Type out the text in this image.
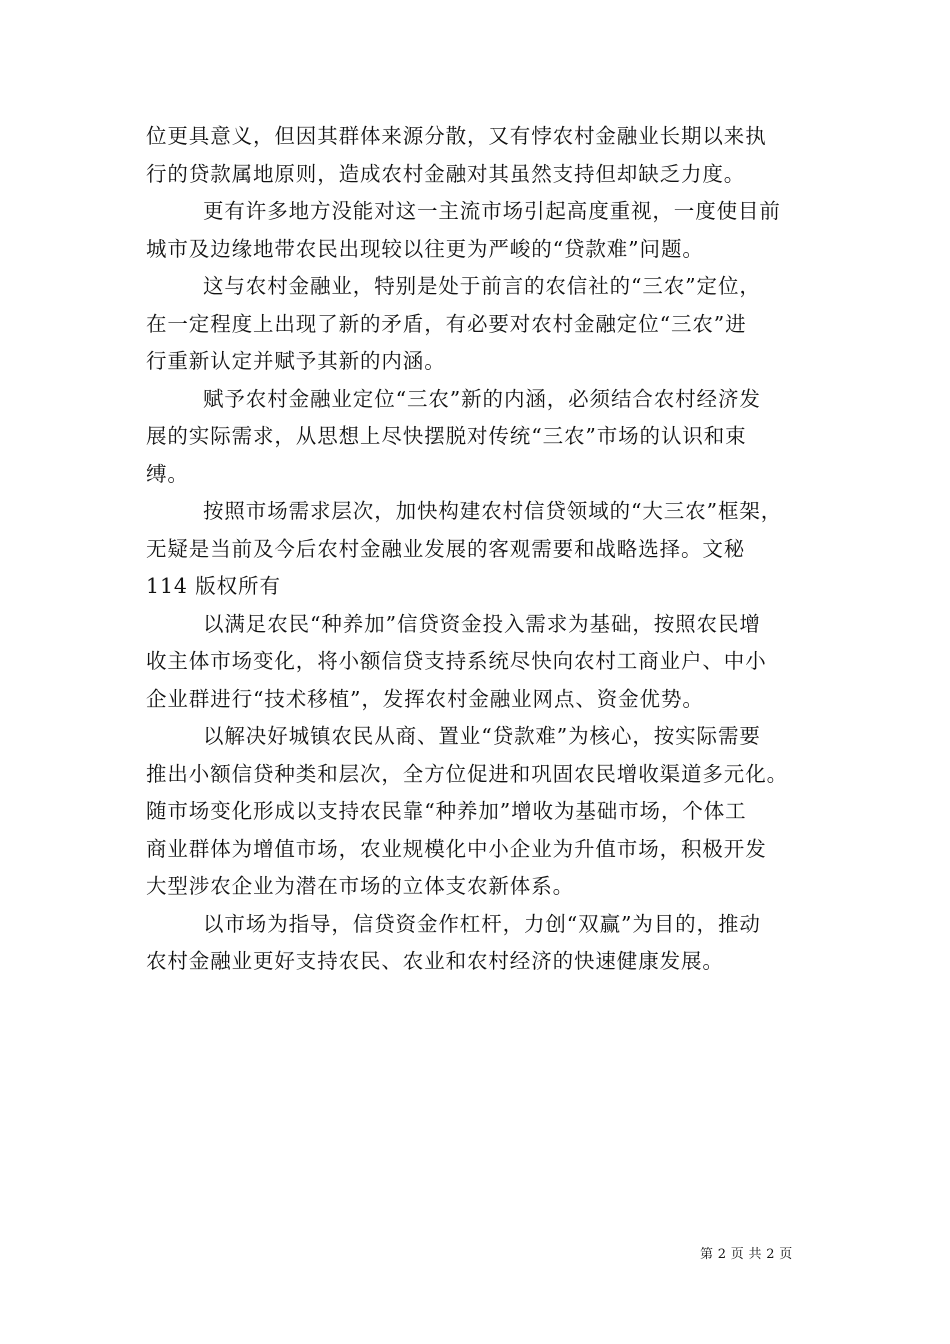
位更具意义，但因其群体来源分散，又有悖农村金融业长期以来执
行的贷款属地原则，造成农村金融对其虽然支持但却缺乏力度。
更有许多地方没能对这一主流市场引起高度重视，一度使目前
城市及边缘地带农民出现较以往更为严峻的“贷款难”问题。
这与农村金融业，特别是处于前言的农信社的“三农”定位，
在一定程度上出现了新的矛盾，有必要对农村金融定位“三农”进
行重新认定并赋予其新的内涵。
赋予农村金融业定位“三农”新的内涵，必须结合农村经济发
展的实际需求，从思想上尽快摆脱对传统“三农”市场的认识和束
缚。
按照市场需求层次，加快构建农村信贷领域的“大三农”框架，
无疑是当前及今后农村金融业发展的客观需要和战略选择。文秘
114 版权所有
以满足农民“种养加”信贷资金投入需求为基础，按照农民增
收主体市场变化，将小额信贷支持系统尽快向农村工商业户、中小
企业群进行“技术移植”，发挥农村金融业网点、资金优势。
以解决好城镇农民从商、置业“贷款难”为核心，按实际需要
推出小额信贷种类和层次，全方位促进和巩固农民增收渠道多元化。
随市场变化形成以支持农民靠“种养加”增收为基础市场，个体工
商业群体为增值市场，农业规模化中小企业为升值市场，积极开发
大型涉农企业为潜在市场的立体支农新体系。
以市场为指导，信贷资金作杠杆，力创“双赢”为目的，推动
农村金融业更好支持农民、农业和农村经济的快速健康发展。
第 2 页 共 2 页
